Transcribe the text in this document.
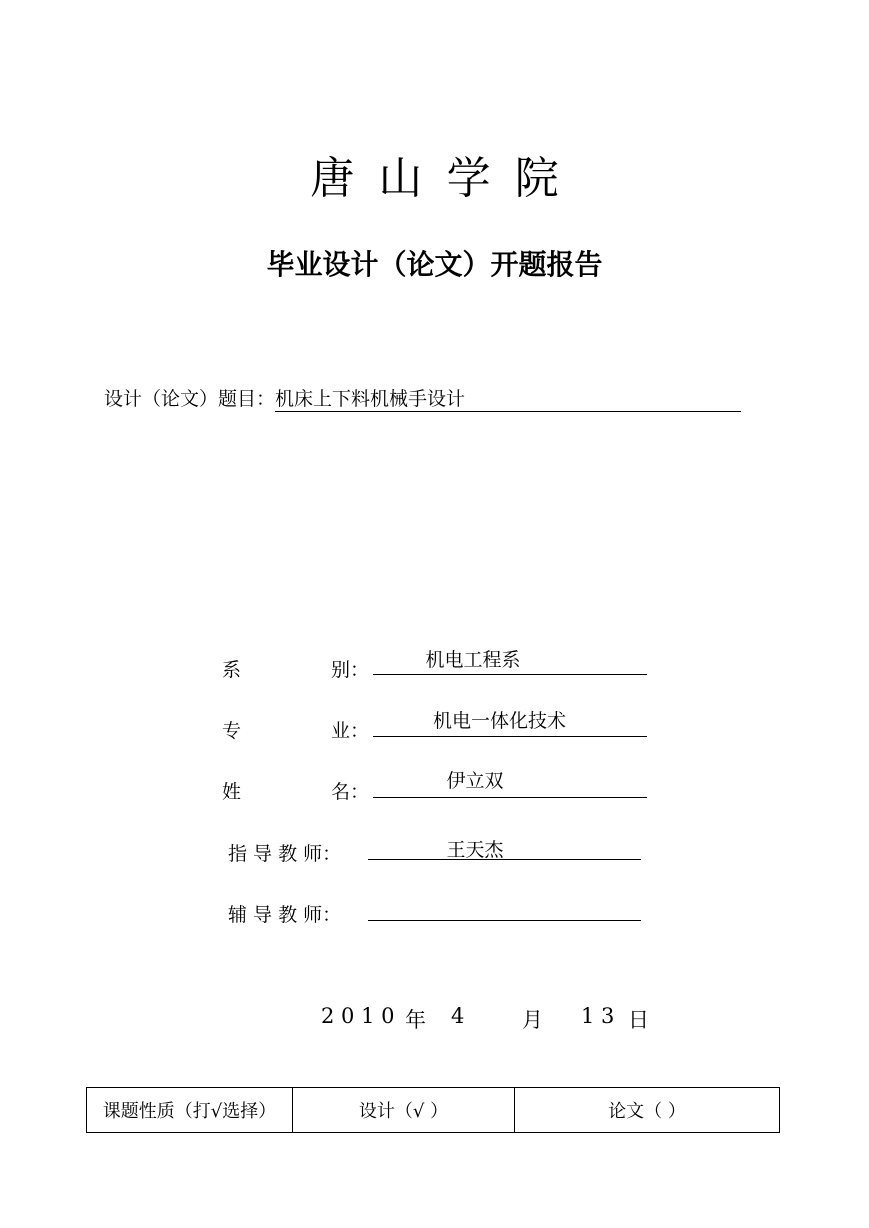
唐山学院
毕业设计（论文）开题报告
设计（论文）题目：机床上下料机械手设计
系	别：	机电工程系
专	业：	机电一体化技术
姓	名：	伊立双
指 导 教 师：	王天杰
辅 导 教 师：
2 0 1 0 年 4	月 1 3 日
课题性质（打√选择）	设计（√ ）	论文（ ）
